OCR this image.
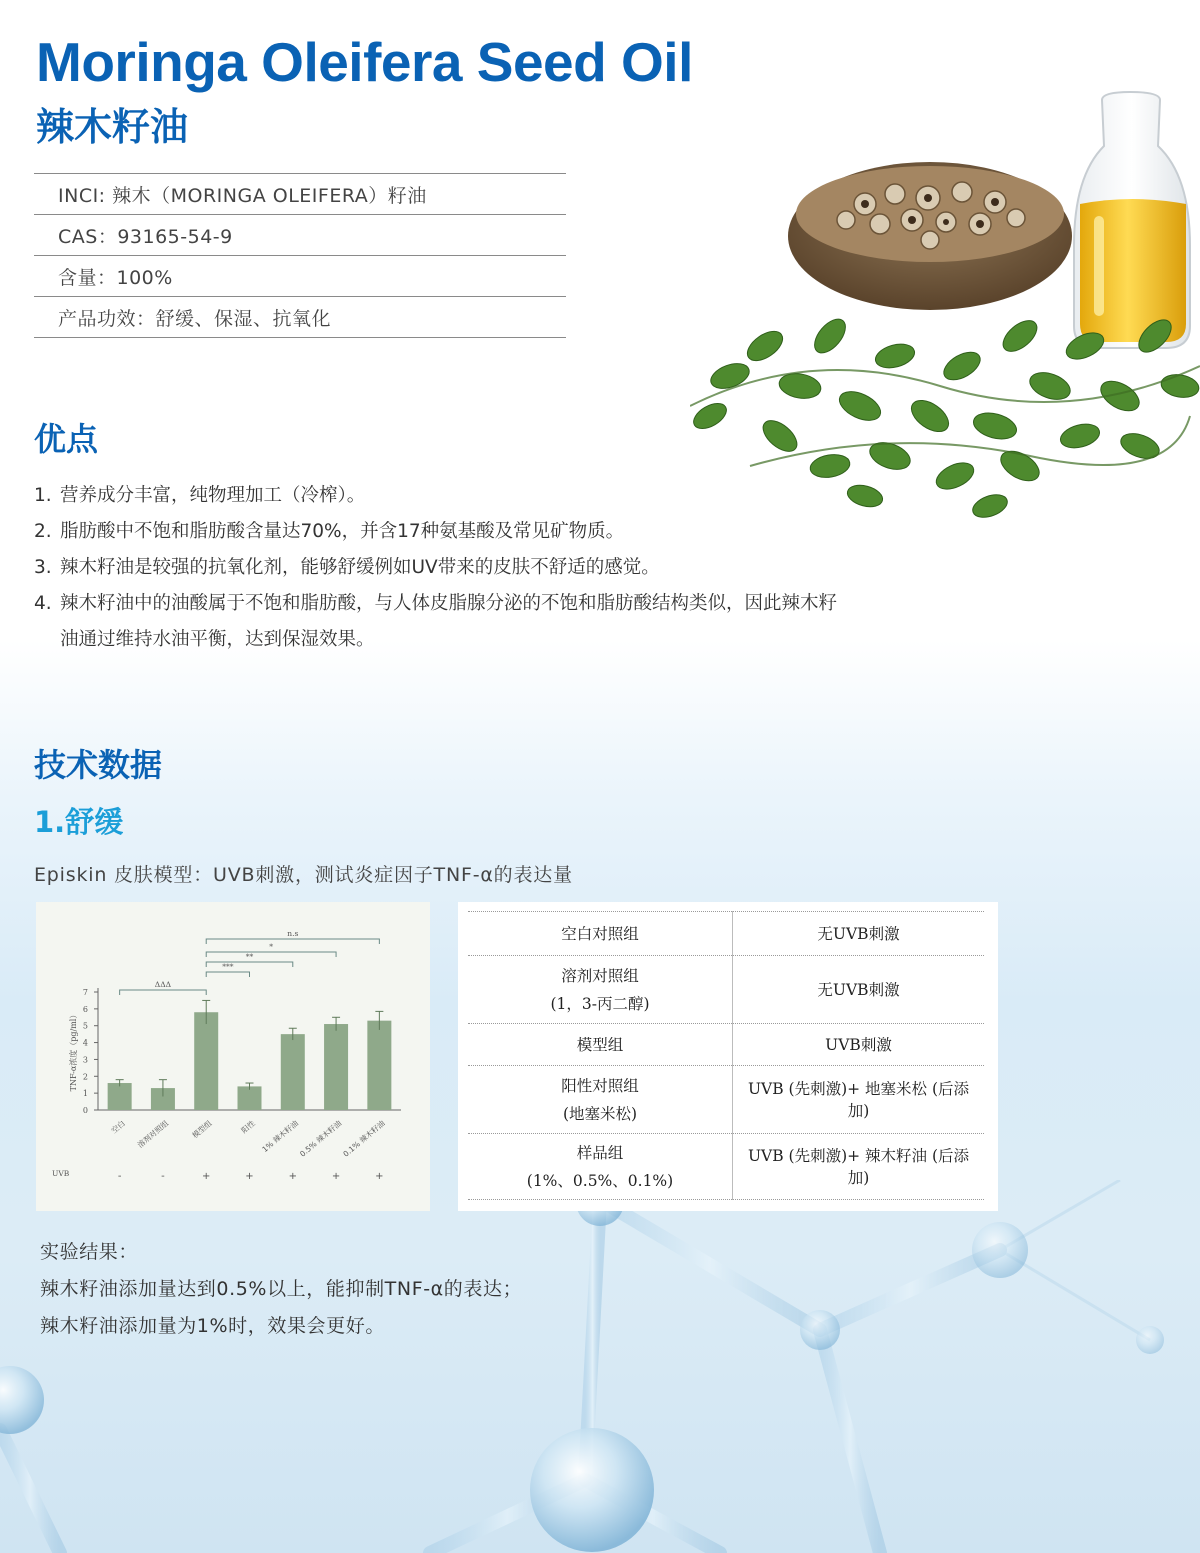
Moringa Oleifera Seed Oil
辣木籽油
INCI: 辣木（MORINGA OLEIFERA）籽油
CAS：93165-54-9
含量：100%
产品功效：舒缓、保湿、抗氧化
优点
1. 营养成分丰富，纯物理加工（冷榨）。
2. 脂肪酸中不饱和脂肪酸含量达70%，并含17种氨基酸及常见矿物质。
3. 辣木籽油是较强的抗氧化剂，能够舒缓例如UV带来的皮肤不舒适的感觉。
4. 辣木籽油中的油酸属于不饱和脂肪酸，与人体皮脂腺分泌的不饱和脂肪酸结构类似，因此辣木籽油通过维持水油平衡，达到保湿效果。
技术数据
1.舒缓
Episkin 皮肤模型：UVB刺激，测试炎症因子TNF-α的表达量
0
1
2
3
4
5
6
7
TNF-α浓度（pg/ml）
空白 溶剂对照组	模型组	阳性 1% 辣木籽油
0.5% 辣木籽油
0.1% 辣木籽油
UVB	-	-	+	+	+	+	+
ΔΔΔ
***
**
*
n.s	空白对照组	无UVB刺激

溶剂对照组
(1，3-丙二醇)	无UVB刺激

模型组	UVB刺激

阳性对照组
(地塞米松)	UVB (先刺激)+ 地塞米松 (后添加)

样品组
(1%、0.5%、0.1%)	UVB (先刺激)+ 辣木籽油 (后添加)
实验结果：
辣木籽油添加量达到0.5%以上，能抑制TNF-α的表达；
辣木籽油添加量为1%时，效果会更好。
